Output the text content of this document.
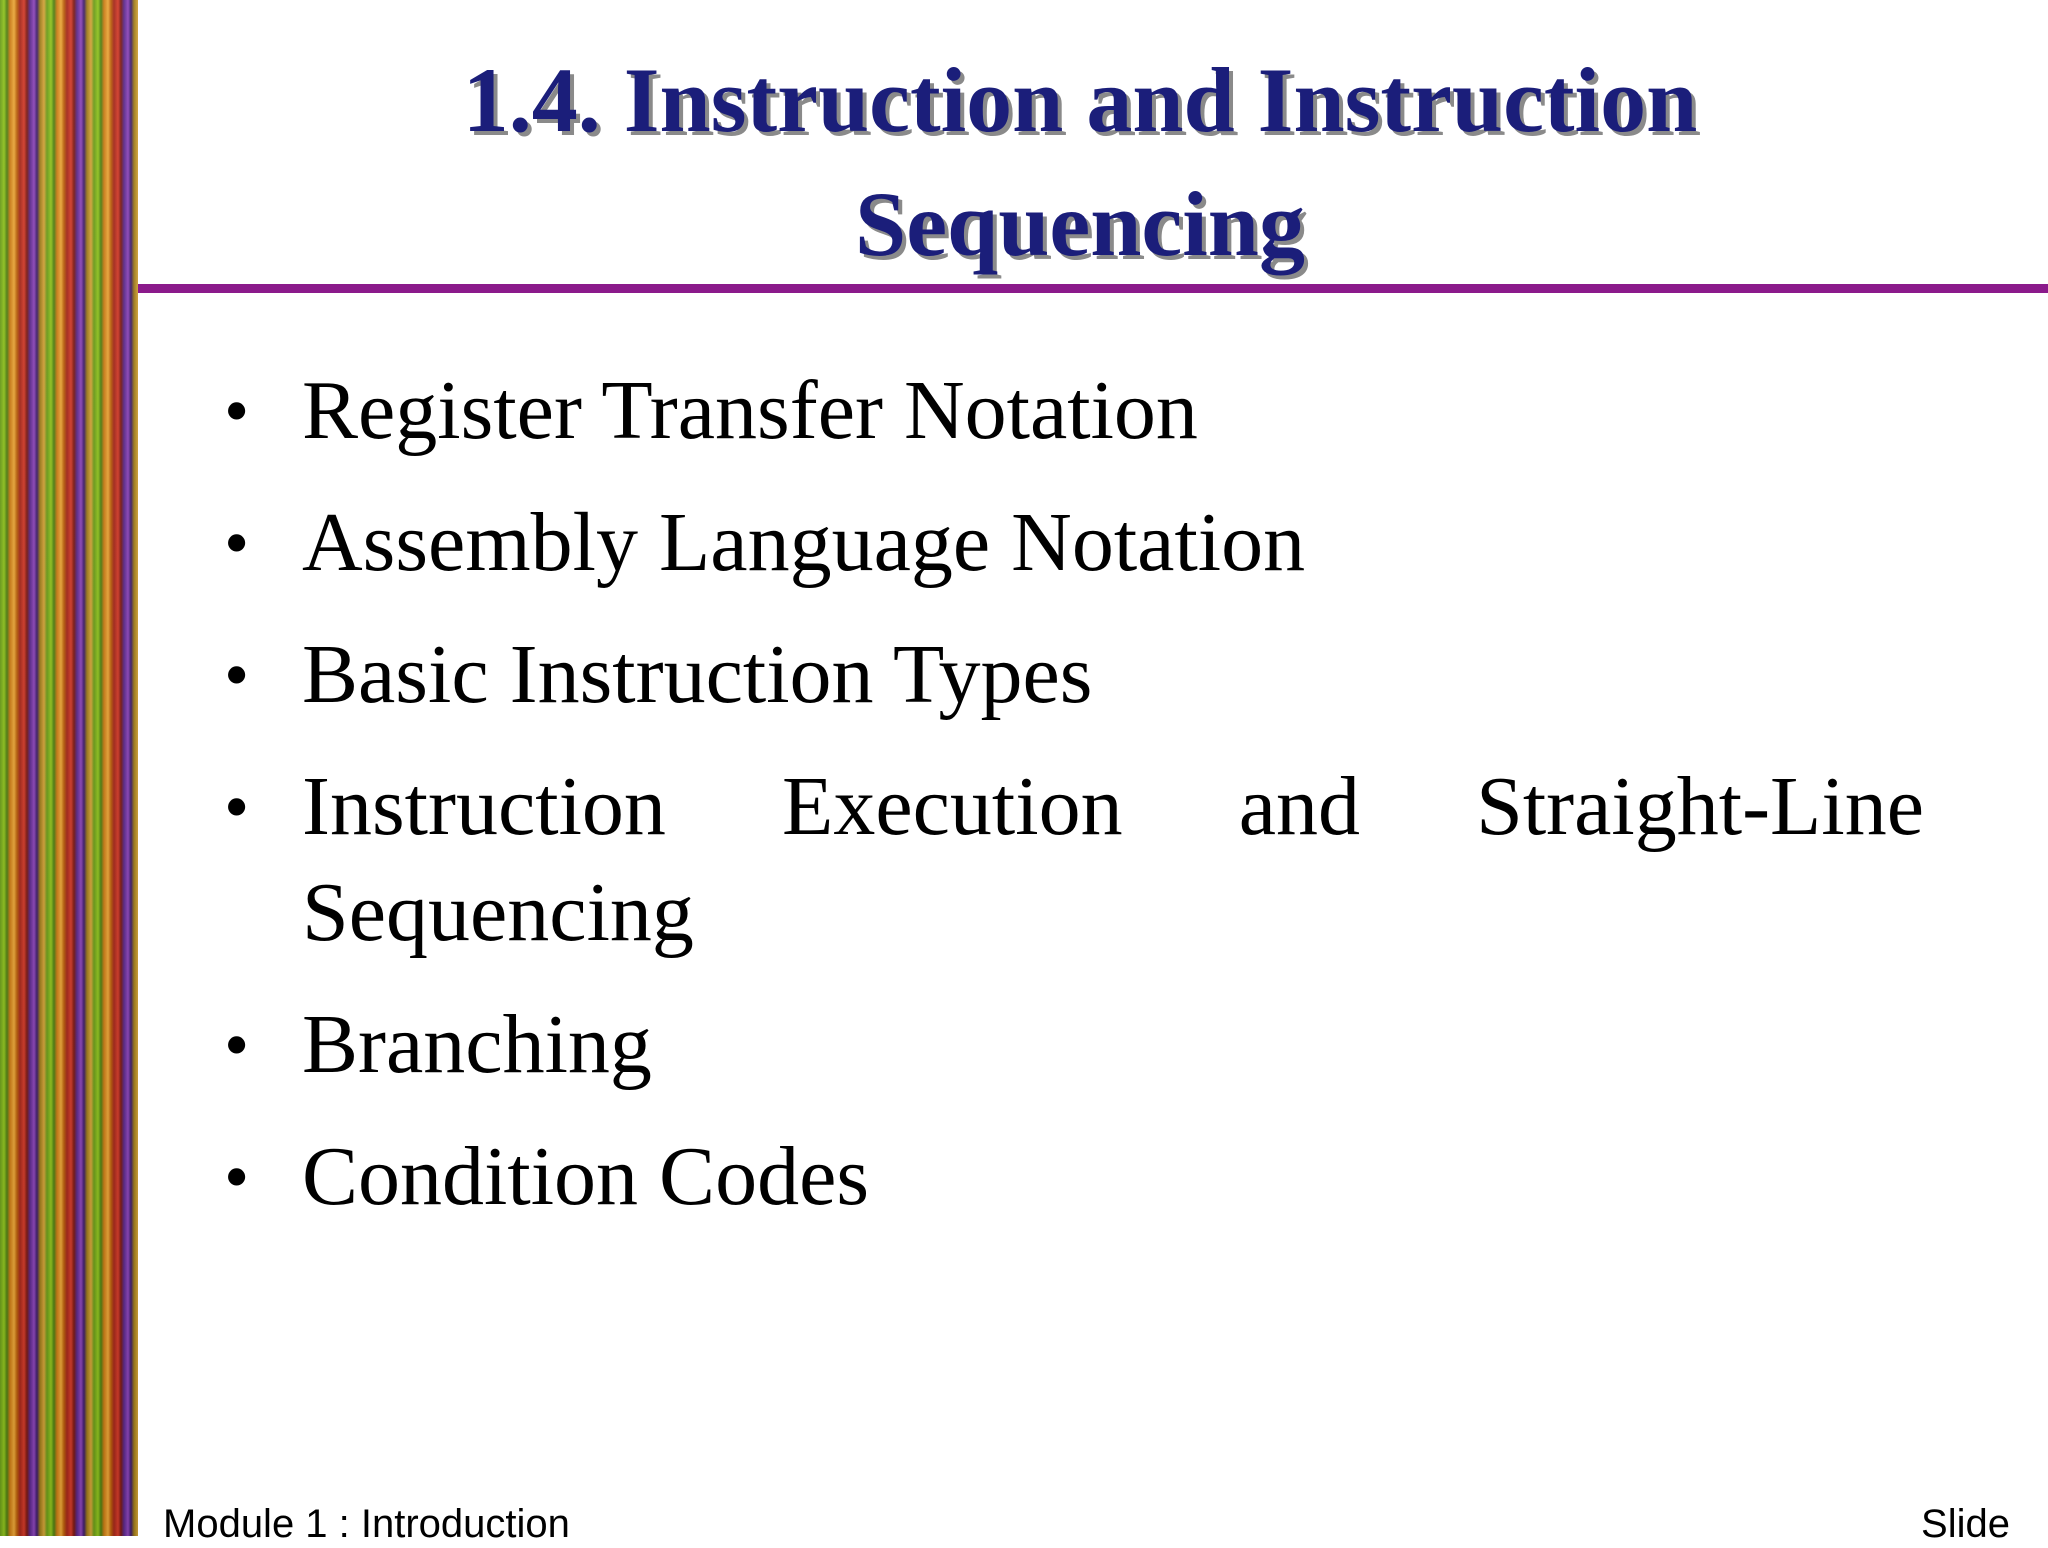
1.4. Instruction and Instruction
Sequencing
• Register Transfer Notation
• Assembly Language Notation
• Basic Instruction Types
• Instruction Execution and Straight-Line Sequencing
• Branching
• Condition Codes
Module 1 : Introduction	Slide
